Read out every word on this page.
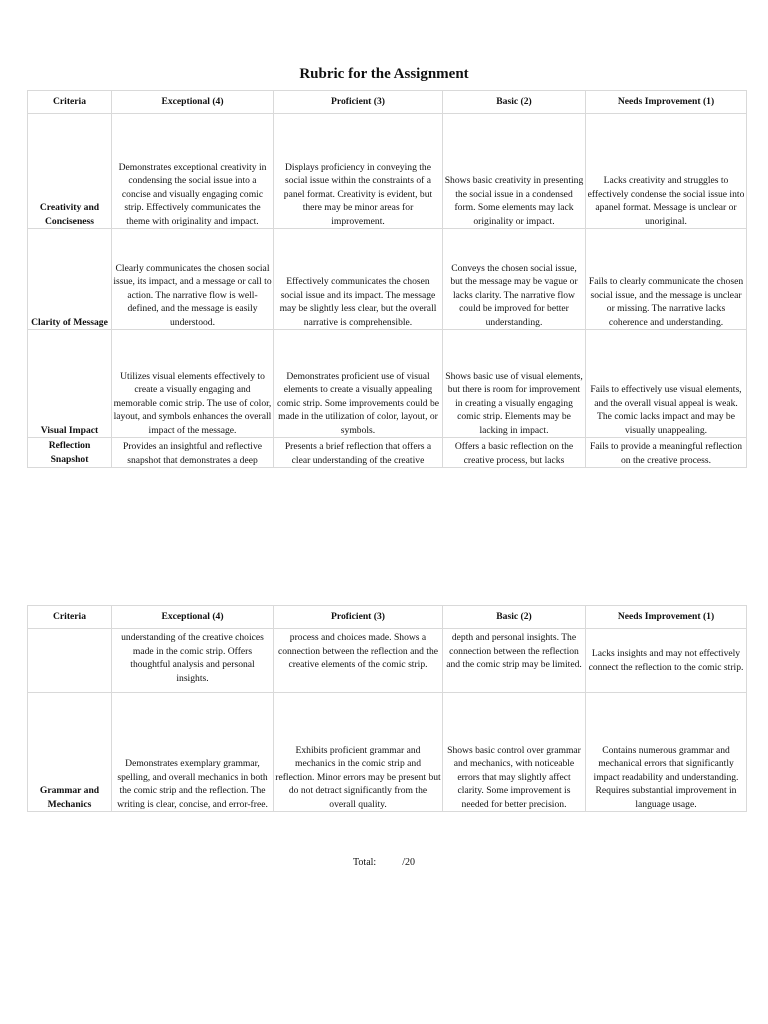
Rubric for the Assignment
Criteria	Exceptional (4)	Proficient (3)	Basic (2)	Needs Improvement (1)
Creativity and Conciseness	Demonstrates exceptional creativity in condensing the social issue into a concise and visually engaging comic strip. Effectively communicates the theme with originality and impact.	Displays proficiency in conveying the social issue within the constraints of a panel format. Creativity is evident, but there may be minor areas for improvement.	Shows basic creativity in presenting the social issue in a condensed form. Some elements may lack originality or impact.	Lacks creativity and struggles to effectively condense the social issue into apanel format. Message is unclear or unoriginal.
Clarity of Message	Clearly communicates the chosen social issue, its impact, and a message or call to action. The narrative flow is well-defined, and the message is easily understood.	Effectively communicates the chosen social issue and its impact. The message may be slightly less clear, but the overall narrative is comprehensible.	Conveys the chosen social issue, but the message may be vague or lacks clarity. The narrative flow could be improved for better understanding.	Fails to clearly communicate the chosen social issue, and the message is unclear or missing. The narrative lacks coherence and understanding.
Visual Impact	Utilizes visual elements effectively to create a visually engaging and memorable comic strip. The use of color, layout, and symbols enhances the overall impact of the message.	Demonstrates proficient use of visual elements to create a visually appealing comic strip. Some improvements could be made in the utilization of color, layout, or symbols.	Shows basic use of visual elements, but there is room for improvement in creating a visually engaging comic strip. Elements may be lacking in impact.	Fails to effectively use visual elements, and the overall visual appeal is weak. The comic lacks impact and may be visually unappealing.

Reflection Snapshot	Provides an insightful and reflective snapshot that demonstrates a deep	Presents a brief reflection that offers a clear understanding of the creative	Offers a basic reflection on the creative process, but lacks	Fails to provide a meaningful reflection on the creative process.
Criteria	Exceptional (4)	Proficient (3)	Basic (2)	Needs Improvement (1)
	understanding of the creative choices made in the comic strip. Offers thoughtful analysis and personal insights.	process and choices made. Shows a connection between the reflection and the creative elements of the comic strip.	depth and personal insights. The connection between the reflection and the comic strip may be limited.	Lacks insights and may not effectively connect the reflection to the comic strip.
Grammar and Mechanics	Demonstrates exemplary grammar, spelling, and overall mechanics in both the comic strip and the reflection. The writing is clear, concise, and error-free.	Exhibits proficient grammar and mechanics in the comic strip and reflection. Minor errors may be present but do not detract significantly from the overall quality.	Shows basic control over grammar and mechanics, with noticeable errors that may slightly affect clarity. Some improvement is needed for better precision.	Contains numerous grammar and mechanical errors that significantly impact readability and understanding. Requires substantial improvement in language usage.
Total:	/20
